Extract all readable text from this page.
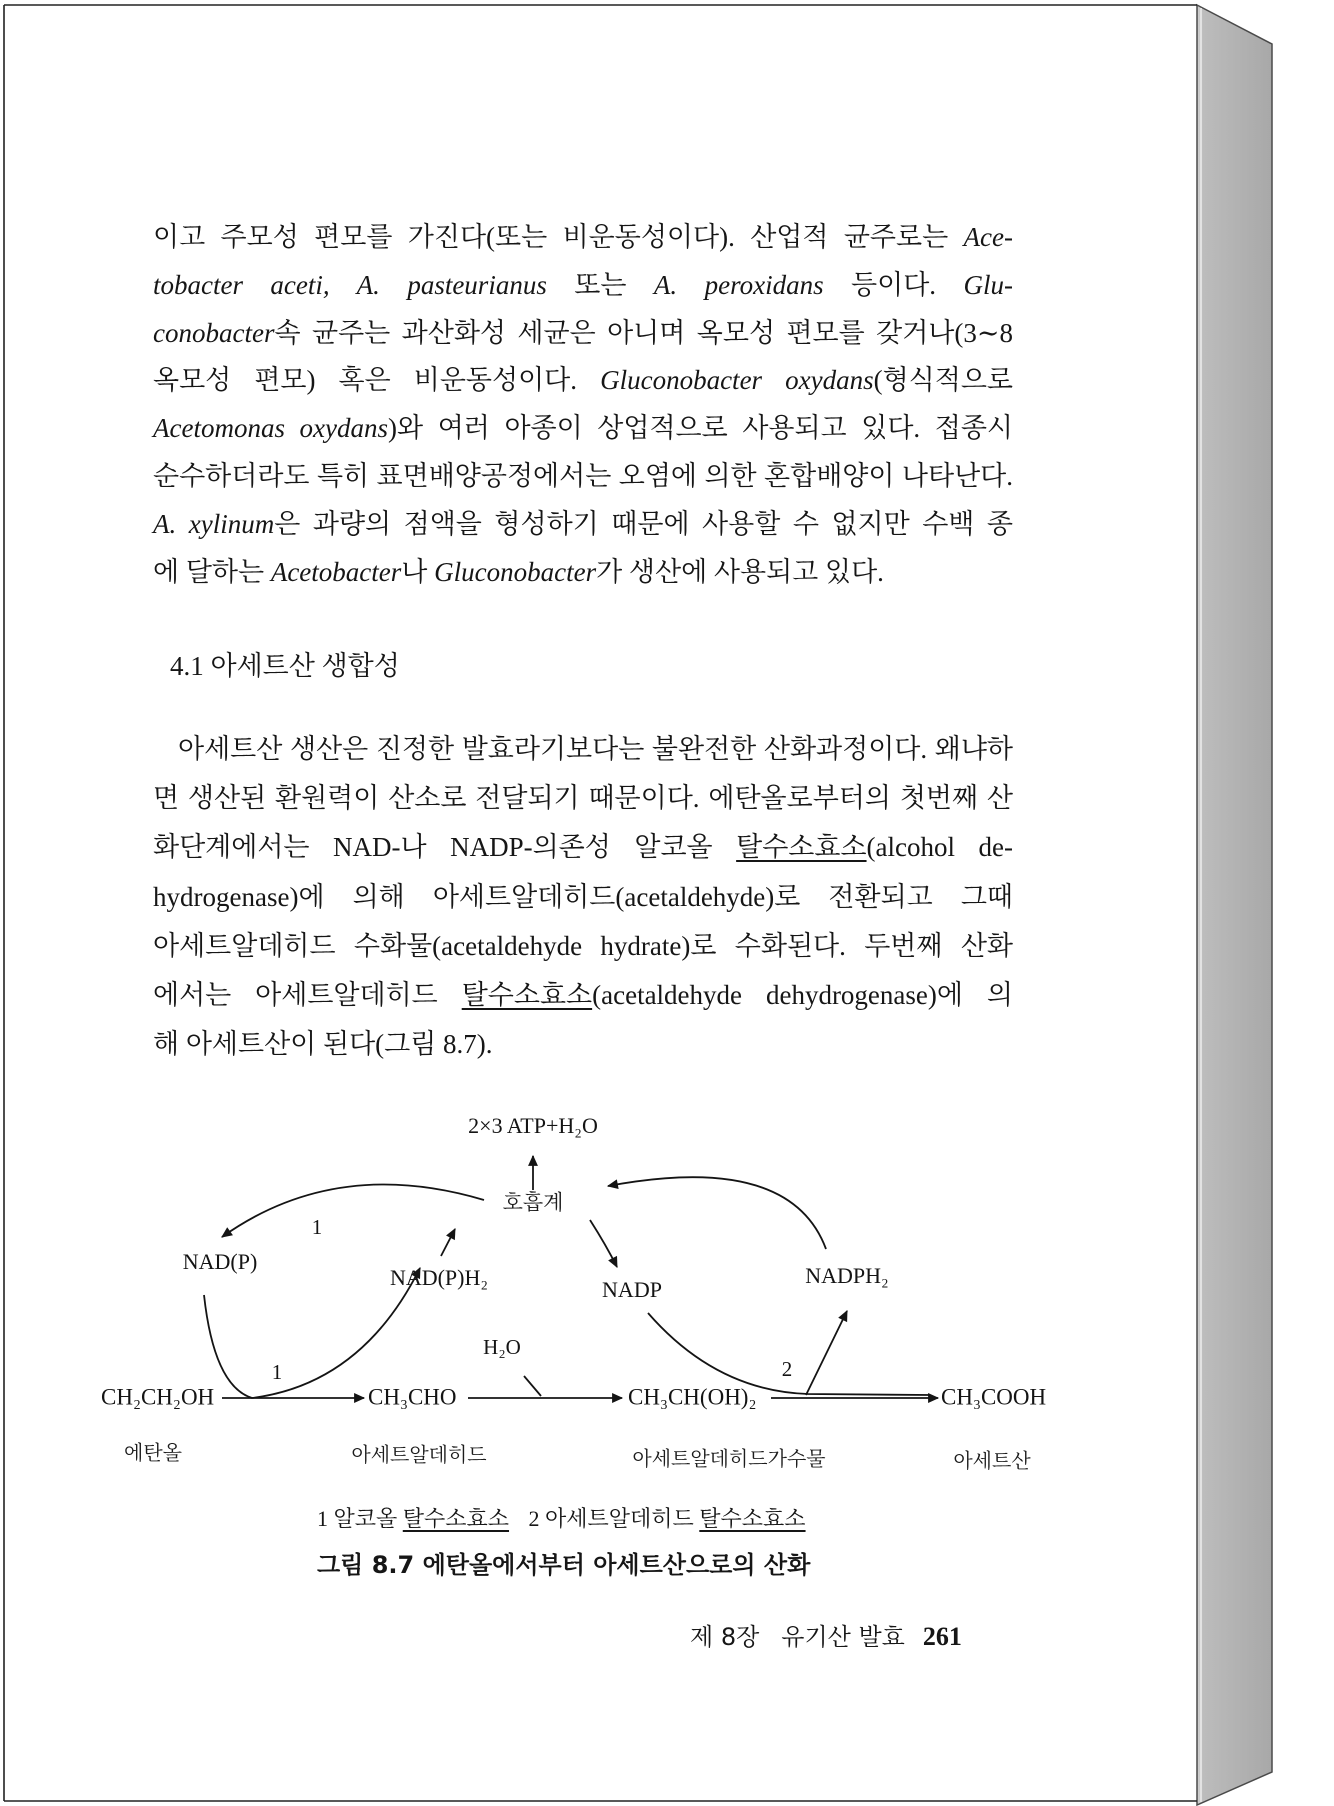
2×3 ATP+H₂O
호흡계
1
NAD(P)
NAD(P)H₂	NADP
NADPH₂
H₂O
1	2
CH₂CH₂OH	CH₃CHO	CH₃CH(OH)₂	CH₃COOH
에탄올	아세트알데히드	아세트알데히드가수물	아세트산
이고 주모성 편모를 가진다(또는 비운동성이다). 산업적 균주로는 Ace-
tobacter aceti, A. pasteurianus 또는 A. peroxidans 등이다. Glu-
conobacter속 균주는 과산화성 세균은 아니며 옥모성 편모를 갖거나(3∼8
옥모성 편모) 혹은 비운동성이다. Gluconobacter oxydans(형식적으로
Acetomonas oxydans)와 여러 아종이 상업적으로 사용되고 있다. 접종시
순수하더라도 특히 표면배양공정에서는 오염에 의한 혼합배양이 나타난다.
A. xylinum은 과량의 점액을 형성하기 때문에 사용할 수 없지만 수백 종
에 달하는 Acetobacter나 Gluconobacter가 생산에 사용되고 있다.
4.1 아세트산 생합성
아세트산 생산은 진정한 발효라기보다는 불완전한 산화과정이다. 왜냐하
면 생산된 환원력이 산소로 전달되기 때문이다. 에탄올로부터의 첫번째 산
화단계에서는 NAD-나 NADP-의존성 알코올 탈수소효소(alcohol de-
hydrogenase)에 의해 아세트알데히드(acetaldehyde)로 전환되고 그때
아세트알데히드 수화물(acetaldehyde hydrate)로 수화된다. 두번째 산화
에서는 아세트알데히드 탈수소효소(acetaldehyde dehydrogenase)에 의
해 아세트산이 된다(그림 8.7).
1 알코올 탈수소효소 2 아세트알데히드 탈수소효소
그림 8.7 에탄올에서부터 아세트산으로의 산화
제 8장 유기산 발효 261
